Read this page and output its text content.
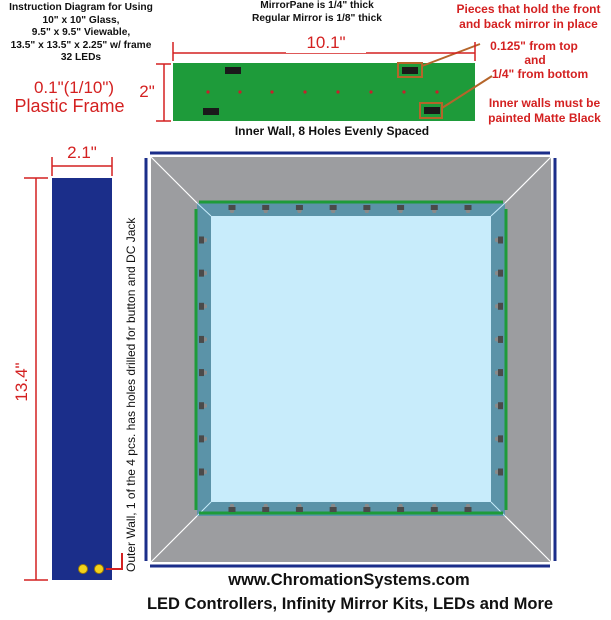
Instruction Diagram for Using
10" x 10" Glass,
9.5" x 9.5" Viewable,
13.5" x 13.5" x 2.25" w/ frame
32 LEDs
MirrorPane is 1/4" thick
Regular Mirror is 1/8" thick
Pieces that hold the front
and back mirror in place
0.125" from top
and
1/4" from bottom
Inner walls must be
painted Matte Black
0.1"(1/10")
Plastic Frame
10.1"
2"
2.1"
13.4"
Inner Wall, 8 Holes Evenly Spaced
Outer Wall, 1 of the 4 pcs. has holes drilled for button and DC Jack
www.ChromationSystems.com
LED Controllers, Infinity Mirror Kits, LEDs and More
